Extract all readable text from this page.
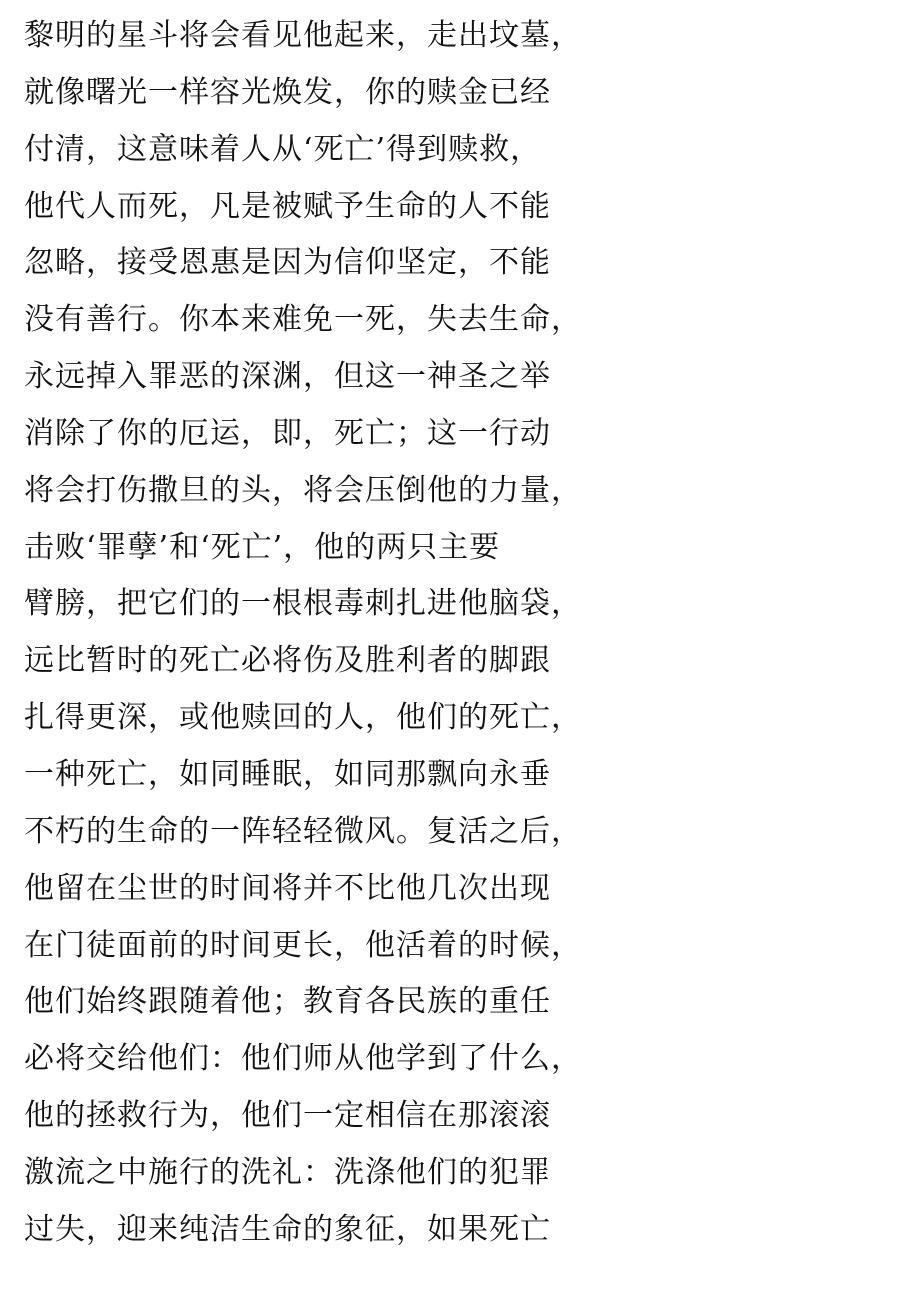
黎明的星斗将会看见他起来，走出坟墓，
就像曙光一样容光焕发，你的赎金已经
付清，这意味着人从‘死亡’得到赎救，
他代人而死，凡是被赋予生命的人不能
忽略，接受恩惠是因为信仰坚定，不能
没有善行。你本来难免一死，失去生命，
永远掉入罪恶的深渊，但这一神圣之举
消除了你的厄运，即，死亡；这一行动
将会打伤撒旦的头，将会压倒他的力量，
击败‘罪孽’和‘死亡’，他的两只主要
臂膀，把它们的一根根毒刺扎进他脑袋，
远比暂时的死亡必将伤及胜利者的脚跟
扎得更深，或他赎回的人，他们的死亡，
一种死亡，如同睡眠，如同那飘向永垂
不朽的生命的一阵轻轻微风。复活之后，
他留在尘世的时间将并不比他几次出现
在门徒面前的时间更长，他活着的时候，
他们始终跟随着他；教育各民族的重任
必将交给他们：他们师从他学到了什么，
他的拯救行为，他们一定相信在那滚滚
激流之中施行的洗礼：洗涤他们的犯罪
过失，迎来纯洁生命的象征，如果死亡
